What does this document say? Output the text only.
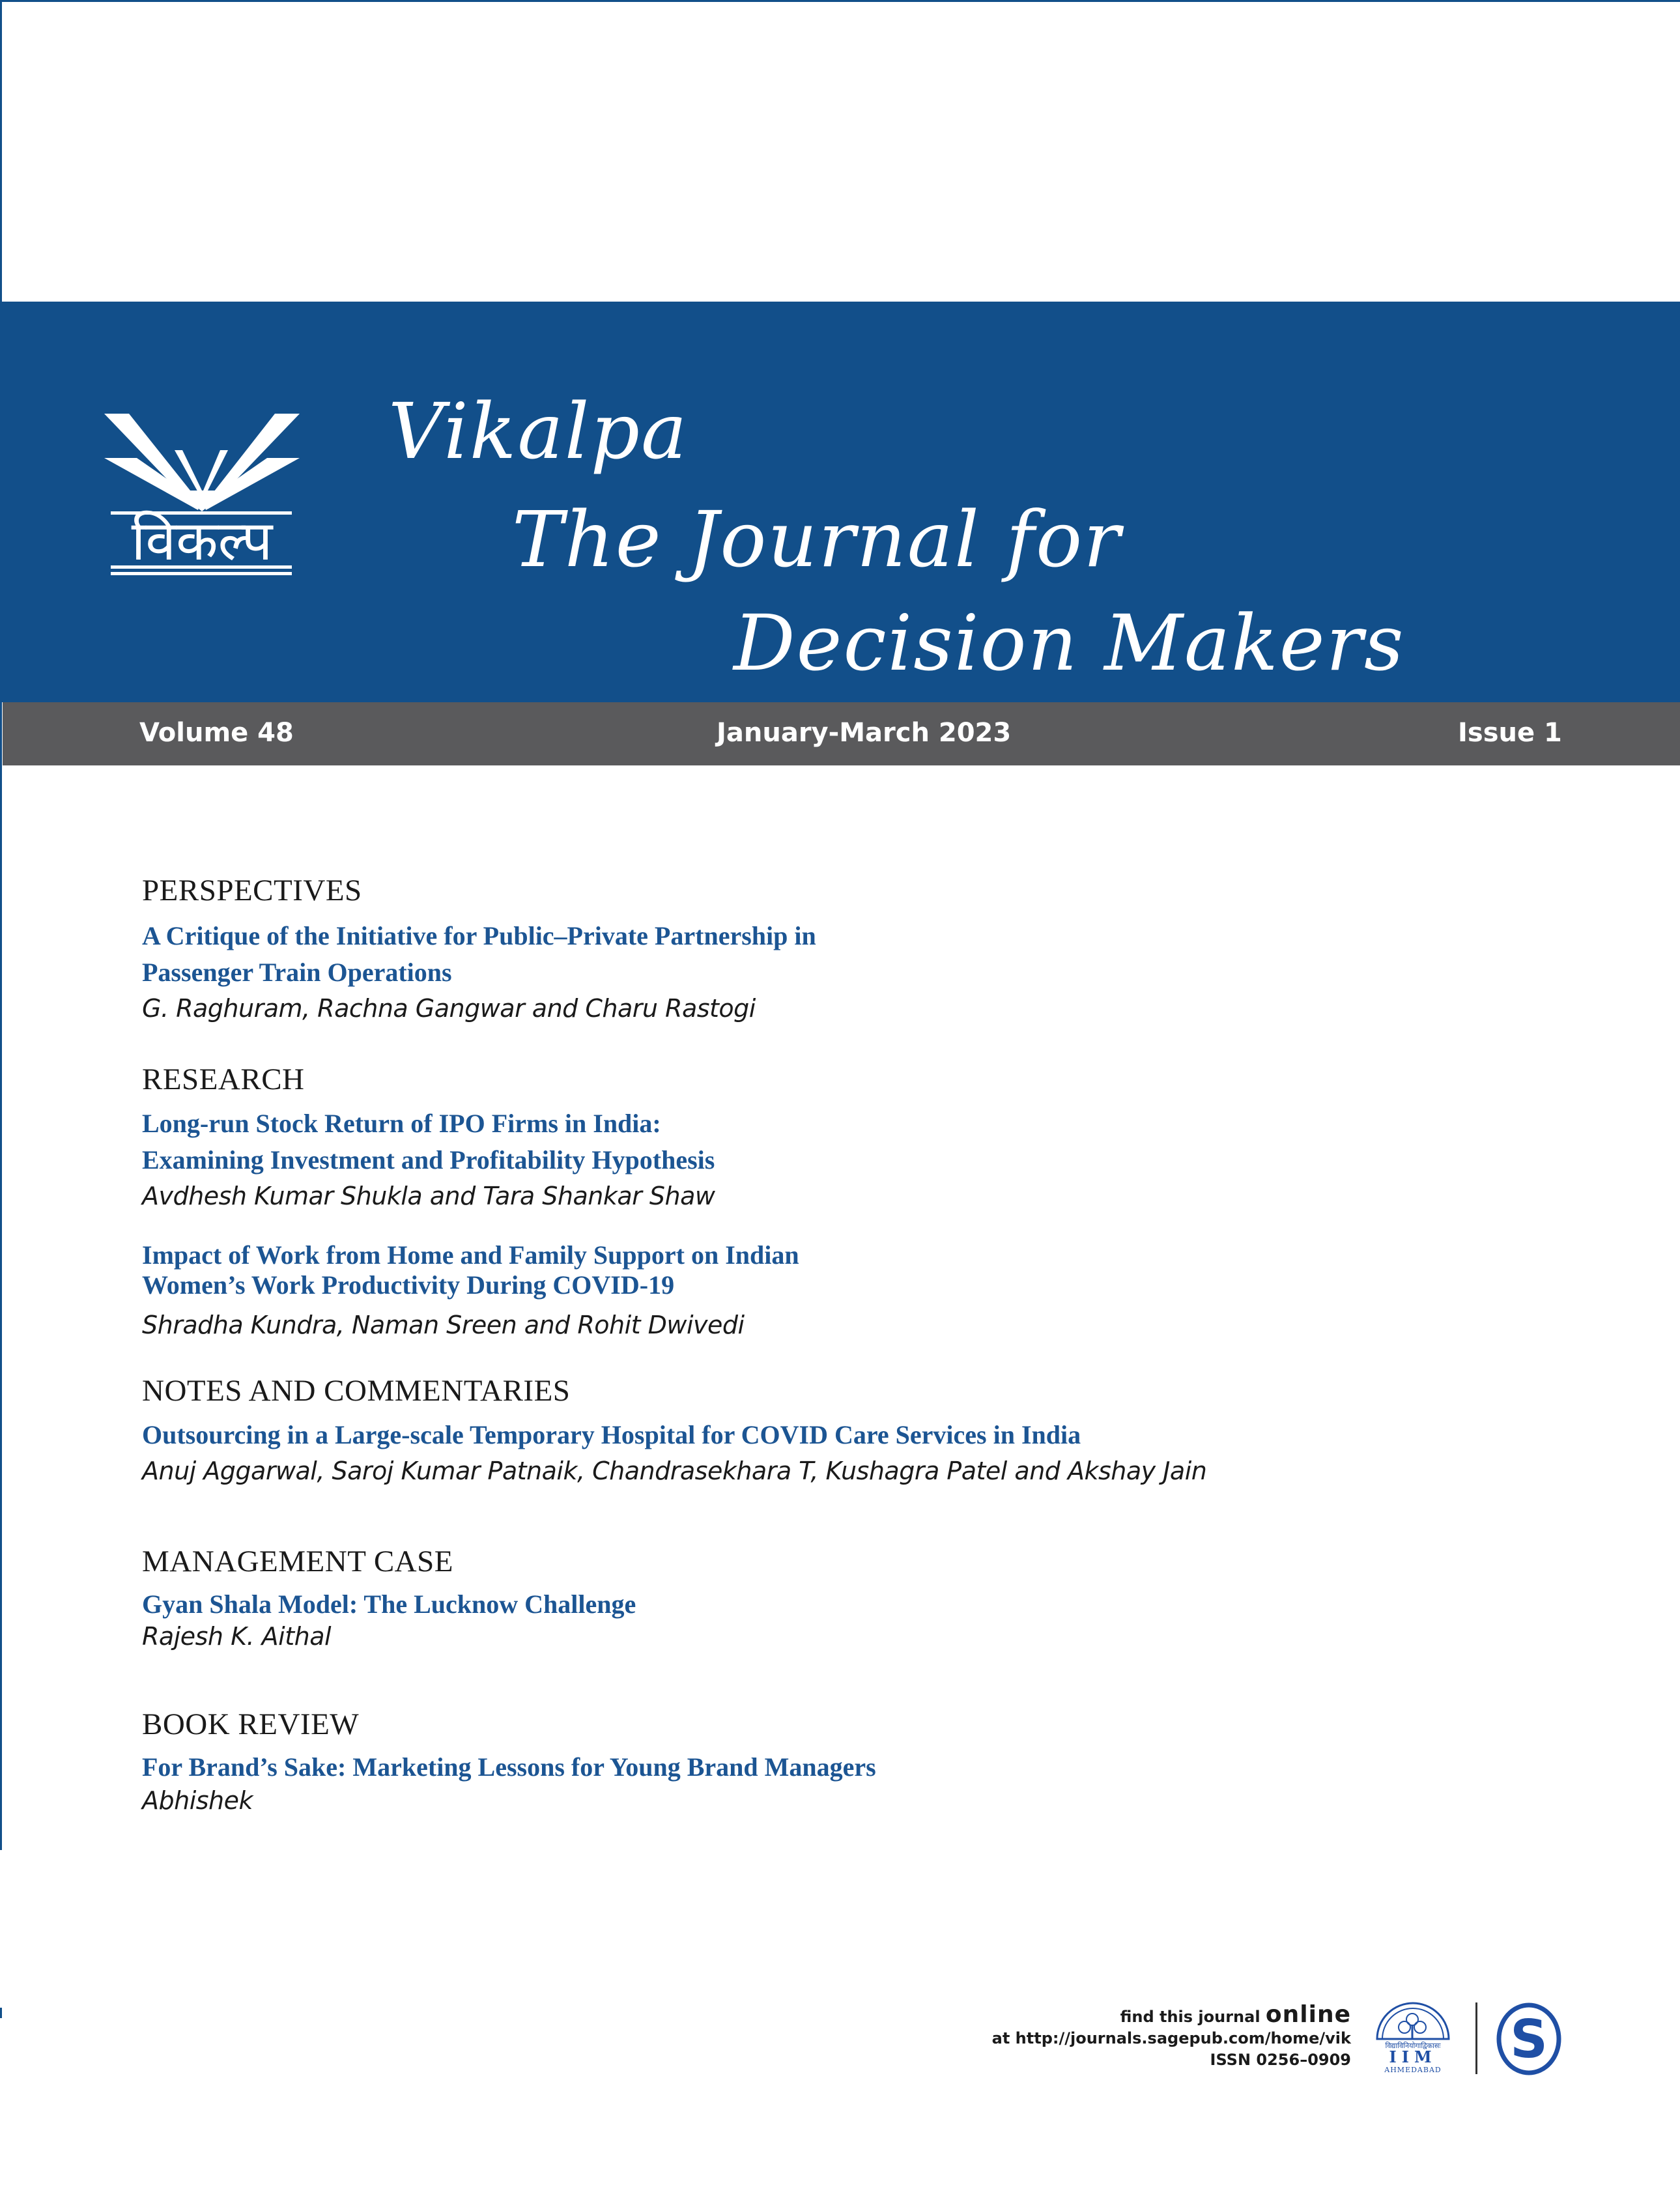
विकल्प
Vikalpa
The Journal for
Decision Makers
Volume 48	January-March 2023	Issue 1
PERSPECTIVES
A Critique of the Initiative for Public–Private Partnership in
Passenger Train Operations
G. Raghuram, Rachna Gangwar and Charu Rastogi
RESEARCH
Long-run Stock Return of IPO Firms in India:
Examining Investment and Profitability Hypothesis
Avdhesh Kumar Shukla and Tara Shankar Shaw
Impact of Work from Home and Family Support on Indian
Women’s Work Productivity During COVID-19
Shradha Kundra, Naman Sreen and Rohit Dwivedi
NOTES AND COMMENTARIES
Outsourcing in a Large-scale Temporary Hospital for COVID Care Services in India
Anuj Aggarwal, Saroj Kumar Patnaik, Chandrasekhara T, Kushagra Patel and Akshay Jain
MANAGEMENT CASE
Gyan Shala Model: The Lucknow Challenge
Rajesh K. Aithal
BOOK REVIEW
For Brand’s Sake: Marketing Lessons for Young Brand Managers
Abhishek
find this journal online
at http://journals.sagepub.com/home/vik
ISSN 0256–0909
विद्याविनियोगाद्विकासः
IIM
AHMEDABAD
S
